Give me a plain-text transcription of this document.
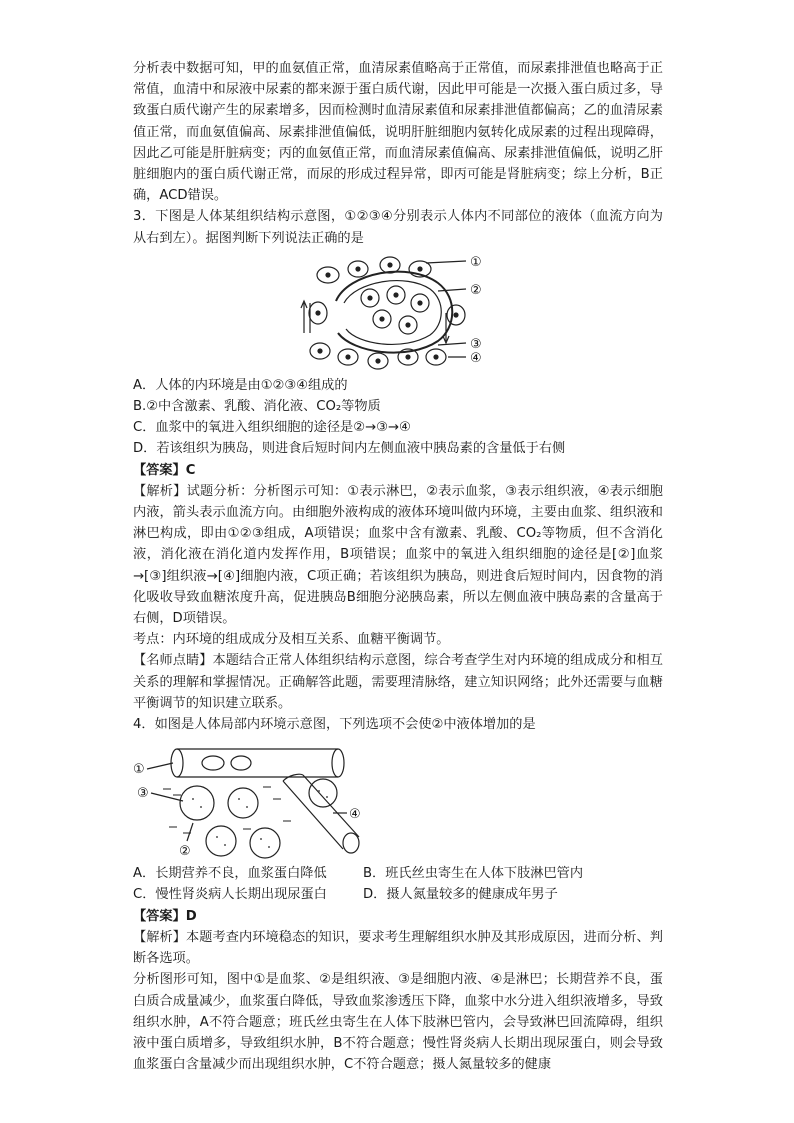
分析表中数据可知，甲的血氨值正常，血清尿素值略高于正常值，而尿素排泄值也略高于正常值，血清中和尿液中尿素的都来源于蛋白质代谢，因此甲可能是一次摄入蛋白质过多，导致蛋白质代谢产生的尿素增多，因而检测时血清尿素值和尿素排泄值都偏高；乙的血清尿素值正常，而血氨值偏高、尿素排泄值偏低，说明肝脏细胞内氨转化成尿素的过程出现障碍，因此乙可能是肝脏病变；丙的血氨值正常，而血清尿素值偏高、尿素排泄值偏低，说明乙肝脏细胞内的蛋白质代谢正常，而尿的形成过程异常，即丙可能是肾脏病变；综上分析，B正确，ACD错误。

3．下图是人体某组织结构示意图，①②③④分别表示人体内不同部位的液体（血流方向为从右到左）。据图判断下列说法正确的是

①
②
③
④

A．人体的内环境是由①②③④组成的

B.②中含激素、乳酸、消化液、CO₂等物质

C．血浆中的氧进入组织细胞的途径是②→③→④

D．若该组织为胰岛，则进食后短时间内左侧血液中胰岛素的含量低于右侧

【答案】C

【解析】试题分析：分析图示可知：①表示淋巴，②表示血浆，③表示组织液，④表示细胞内液，箭头表示血流方向。由细胞外液构成的液体环境叫做内环境，主要由血浆、组织液和淋巴构成，即由①②③组成，A项错误；血浆中含有激素、乳酸、CO₂等物质，但不含消化液，消化液在消化道内发挥作用，B项错误；血浆中的氧进入组织细胞的途径是[②]血浆→[③]组织液→[④]细胞内液，C项正确；若该组织为胰岛，则进食后短时间内，因食物的消化吸收导致血糖浓度升高，促进胰岛B细胞分泌胰岛素，所以左侧血液中胰岛素的含量高于右侧，D项错误。

考点：内环境的组成成分及相互关系、血糖平衡调节。

【名师点睛】本题结合正常人体组织结构示意图，综合考查学生对内环境的组成成分和相互关系的理解和掌握情况。正确解答此题，需要理清脉络，建立知识网络；此外还需要与血糖平衡调节的知识建立联系。

4．如图是人体局部内环境示意图，下列选项不会使②中液体增加的是

①
③
②
④
A．长期营养不良，血浆蛋白降低	B．班氏丝虫寄生在人体下肢淋巴管内
C．慢性肾炎病人长期出现尿蛋白	D．摄人氮量较多的健康成年男子

【答案】D

【解析】本题考查内环境稳态的知识，要求考生理解组织水肿及其形成原因，进而分析、判断各选项。

分析图形可知，图中①是血浆、②是组织液、③是细胞内液、④是淋巴；长期营养不良，蛋白质合成量减少，血浆蛋白降低，导致血浆渗透压下降，血浆中水分进入组织液增多，导致组织水肿，A不符合题意；班氏丝虫寄生在人体下肢淋巴管内，会导致淋巴回流障碍，组织液中蛋白质增多，导致组织水肿，B不符合题意；慢性肾炎病人长期出现尿蛋白，则会导致血浆蛋白含量减少而出现组织水肿，C不符合题意；摄人氮量较多的健康
